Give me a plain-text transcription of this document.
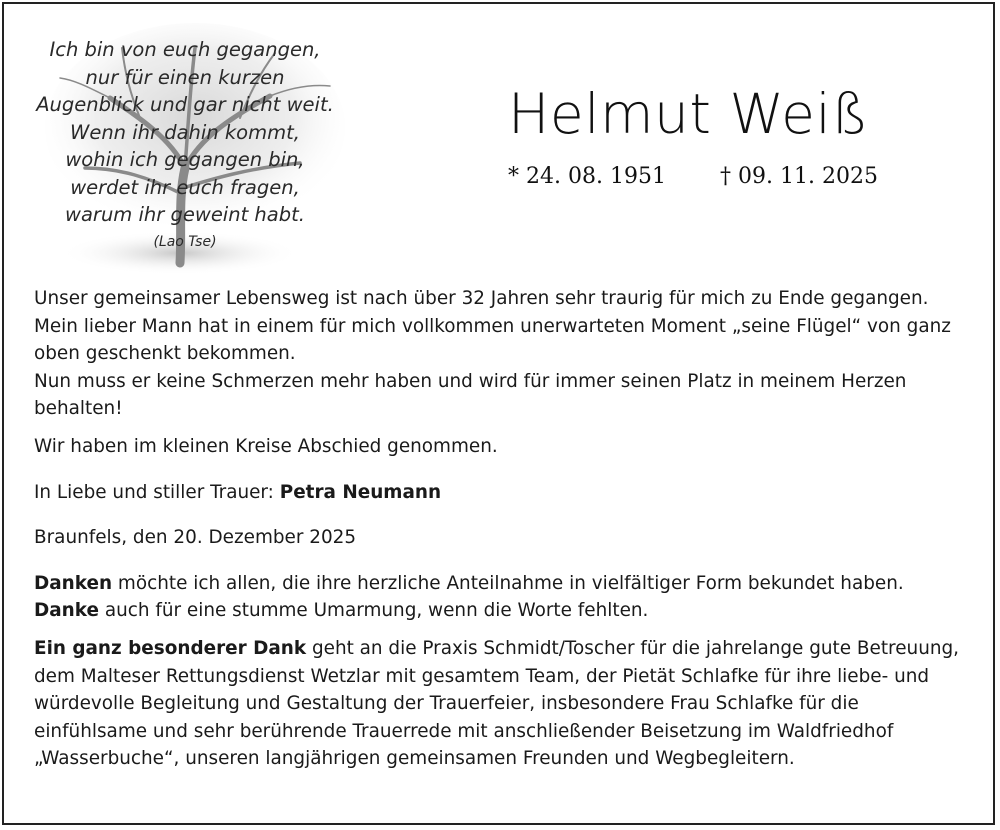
Ich bin von euch gegangen,
nur für einen kurzen
Augenblick und gar nicht weit.
Wenn ihr dahin kommt,
wohin ich gegangen bin,
werdet ihr euch fragen,
warum ihr geweint habt.
(Lao Tse)
Helmut Weiß
* 24. 08. 1951 † 09. 11. 2025

Unser gemeinsamer Lebensweg ist nach über 32 Jahren sehr traurig für mich zu Ende gegangen. Mein lieber Mann hat in einem für mich vollkommen unerwarteten Moment „seine Flügel“ von ganz oben geschenkt bekommen.

Nun muss er keine Schmerzen mehr haben und wird für immer seinen Platz in meinem Herzen behalten!

Wir haben im kleinen Kreise Abschied genommen.

In Liebe und stiller Trauer: Petra Neumann

Braunfels, den 20. Dezember 2025

Danken möchte ich allen, die ihre herzliche Anteilnahme in vielfältiger Form bekundet haben.

Danke auch für eine stumme Umarmung, wenn die Worte fehlten.

Ein ganz besonderer Dank geht an die Praxis Schmidt/Toscher für die jahrelange gute Betreuung, dem Malteser Rettungsdienst Wetzlar mit gesamtem Team, der Pietät Schlafke für ihre liebe- und würdevolle Begleitung und Gestaltung der Trauerfeier, insbesondere Frau Schlafke für die einfühlsame und sehr berührende Trauerrede mit anschließender Beisetzung im Waldfriedhof „Wasserbuche“, unseren langjährigen gemeinsamen Freunden und Wegbegleitern.
